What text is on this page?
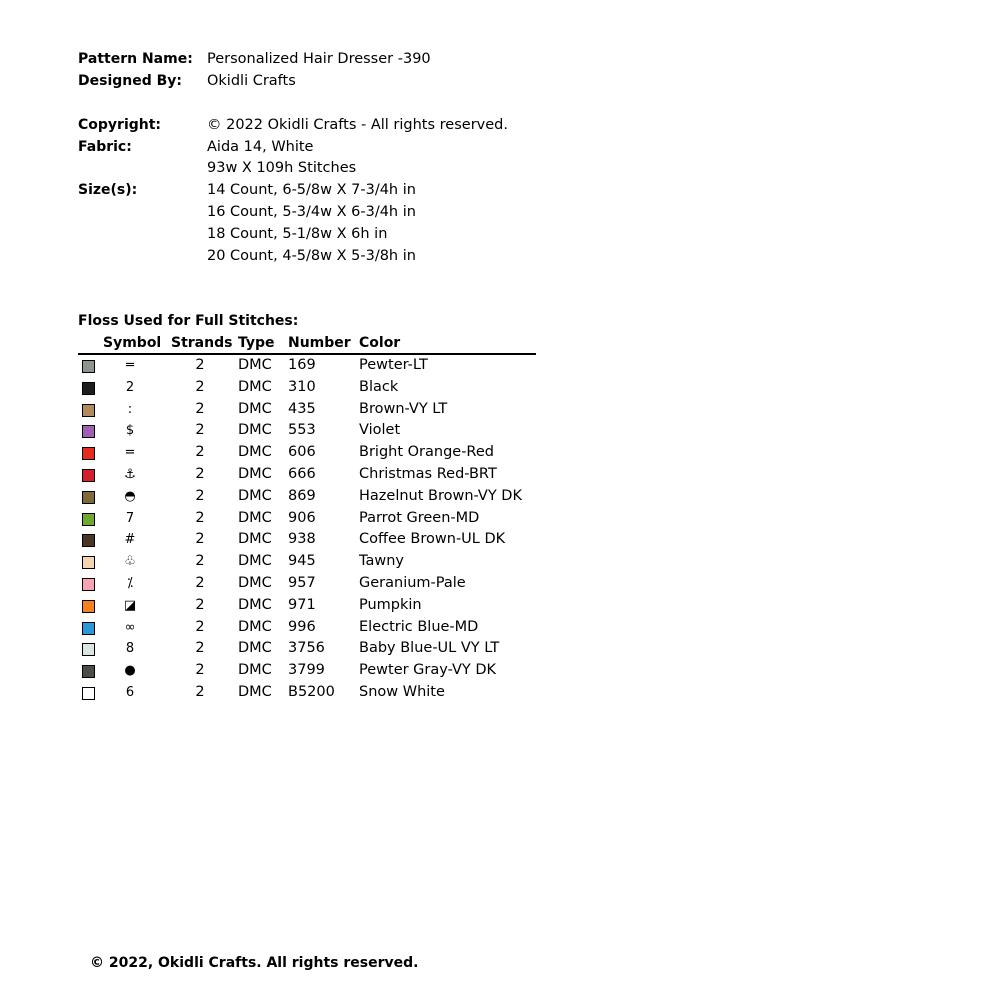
Pattern Name: Personalized Hair Dresser -390
Designed By: Okidli Crafts
Copyright:	© 2022 Okidli Crafts - All rights reserved.
Fabric:	Aida 14, White
93w X 109h Stitches
Size(s):	14 Count, 6-5/8w X 7-3/4h in
16 Count, 5-3/4w X 6-3/4h in
18 Count, 5-1/8w X 6h in
20 Count, 4-5/8w X 5-3/8h in
Floss Used for Full Stitches:
Symbol Strands Type Number Color
═	2 DMC 169	Pewter-LT
2	2 DMC 310	Black
:	2 DMC 435	Brown-VY LT
$	2 DMC 553	Violet
=	2 DMC 606	Bright Orange-Red
⚓	2 DMC 666	Christmas Red-BRT
◓	2 DMC 869	Hazelnut Brown-VY DK
7	2 DMC 906	Parrot Green-MD
#	2 DMC 938	Coffee Brown-UL DK
♧	2 DMC 945	Tawny
⁒	2 DMC 957	Geranium-Pale
◪	2 DMC 971	Pumpkin
∞	2 DMC 996	Electric Blue-MD
8	2 DMC 3756 Baby Blue-UL VY LT
●	2 DMC 3799 Pewter Gray-VY DK
6	2 DMC B5200 Snow White
© 2022, Okidli Crafts. All rights reserved.
